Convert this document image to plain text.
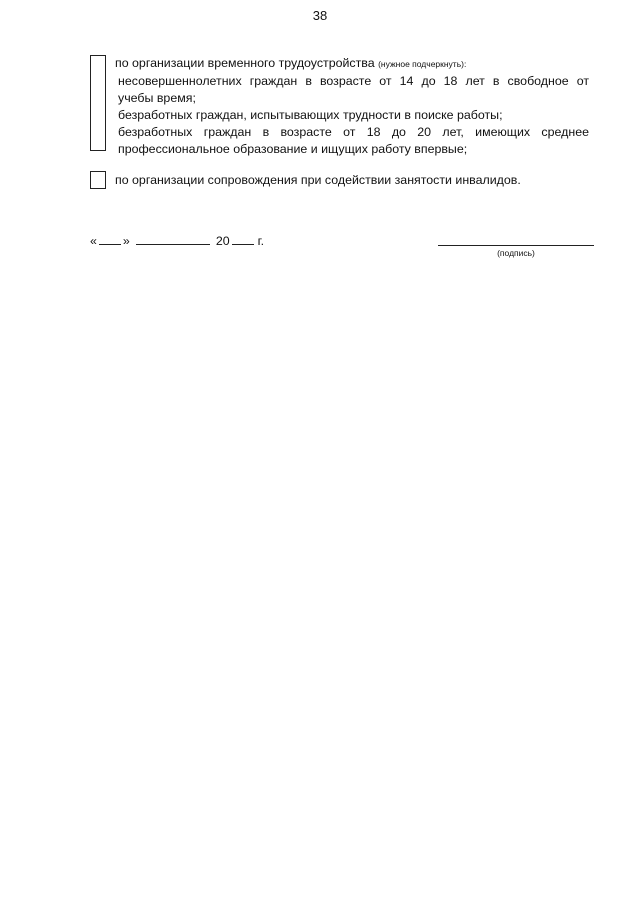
38
по организации временного трудоустройства (нужное подчеркнуть):
несовершеннолетних граждан в возрасте от 14 до 18 лет в свободное от
учебы время;
безработных граждан, испытывающих трудности в поиске работы;
безработных граждан в возрасте от 18 до 20 лет, имеющих среднее
профессиональное образование и ищущих работу впервые;
по организации сопровождения при содействии занятости инвалидов.
« »	20 г.
(подпись)
